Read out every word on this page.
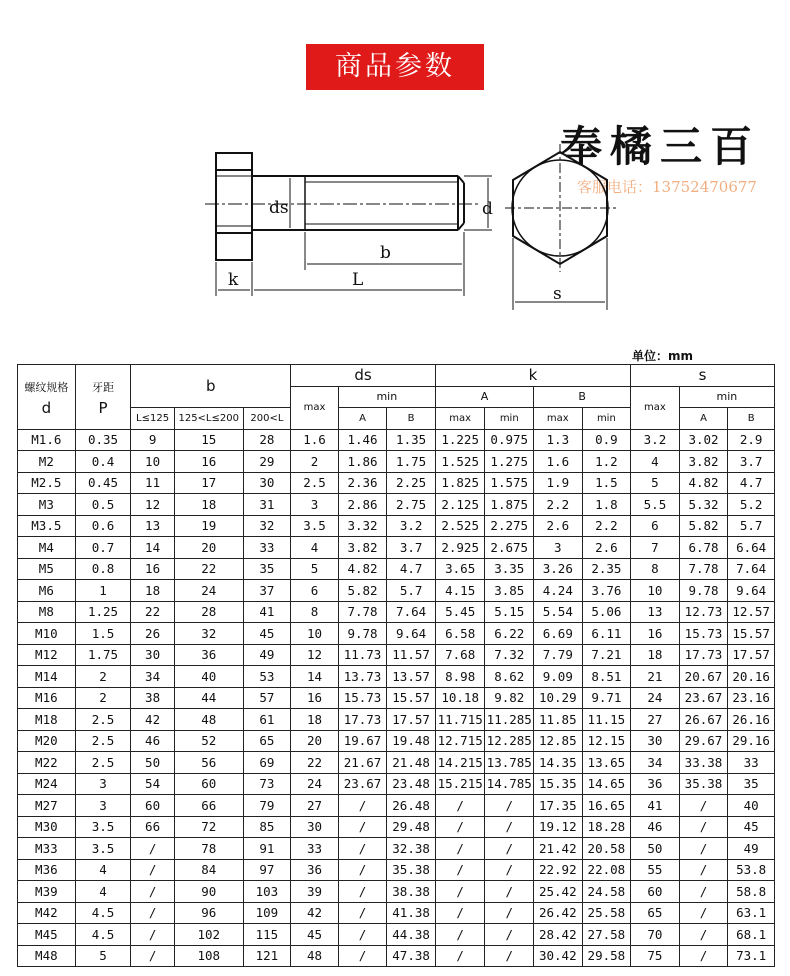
商品参数
奉橘三百
客服电话：13752470677
ds	d
b
k	L
s
单位：mm
螺纹规格
d	牙距
P	b			ds			k				s		
					max	min		A		B		max	min	
		L≤125	125<L≤200	200<L		A	B	max	min	max	min		A	B
M1.6	0.35	9	15	28	1.6	1.46	1.35	1.225	0.975	1.3	0.9	3.2	3.02	2.9
M2	0.4	10	16	29	2	1.86	1.75	1.525	1.275	1.6	1.2	4	3.82	3.7
M2.5	0.45	11	17	30	2.5	2.36	2.25	1.825	1.575	1.9	1.5	5	4.82	4.7
M3	0.5	12	18	31	3	2.86	2.75	2.125	1.875	2.2	1.8	5.5	5.32	5.2
M3.5	0.6	13	19	32	3.5	3.32	3.2	2.525	2.275	2.6	2.2	6	5.82	5.7
M4	0.7	14	20	33	4	3.82	3.7	2.925	2.675	3	2.6	7	6.78	6.64
M5	0.8	16	22	35	5	4.82	4.7	3.65	3.35	3.26	2.35	8	7.78	7.64
M6	1	18	24	37	6	5.82	5.7	4.15	3.85	4.24	3.76	10	9.78	9.64
M8	1.25	22	28	41	8	7.78	7.64	5.45	5.15	5.54	5.06	13	12.73	12.57
M10	1.5	26	32	45	10	9.78	9.64	6.58	6.22	6.69	6.11	16	15.73	15.57
M12	1.75	30	36	49	12	11.73	11.57	7.68	7.32	7.79	7.21	18	17.73	17.57
M14	2	34	40	53	14	13.73	13.57	8.98	8.62	9.09	8.51	21	20.67	20.16
M16	2	38	44	57	16	15.73	15.57	10.18	9.82	10.29	9.71	24	23.67	23.16
M18	2.5	42	48	61	18	17.73	17.57	11.715	11.285	11.85	11.15	27	26.67	26.16
M20	2.5	46	52	65	20	19.67	19.48	12.715	12.285	12.85	12.15	30	29.67	29.16
M22	2.5	50	56	69	22	21.67	21.48	14.215	13.785	14.35	13.65	34	33.38	33
M24	3	54	60	73	24	23.67	23.48	15.215	14.785	15.35	14.65	36	35.38	35
M27	3	60	66	79	27	/	26.48	/	/	17.35	16.65	41	/	40
M30	3.5	66	72	85	30	/	29.48	/	/	19.12	18.28	46	/	45
M33	3.5	/	78	91	33	/	32.38	/	/	21.42	20.58	50	/	49
M36	4	/	84	97	36	/	35.38	/	/	22.92	22.08	55	/	53.8
M39	4	/	90	103	39	/	38.38	/	/	25.42	24.58	60	/	58.8
M42	4.5	/	96	109	42	/	41.38	/	/	26.42	25.58	65	/	63.1
M45	4.5	/	102	115	45	/	44.38	/	/	28.42	27.58	70	/	68.1
M48	5	/	108	121	48	/	47.38	/	/	30.42	29.58	75	/	73.1
